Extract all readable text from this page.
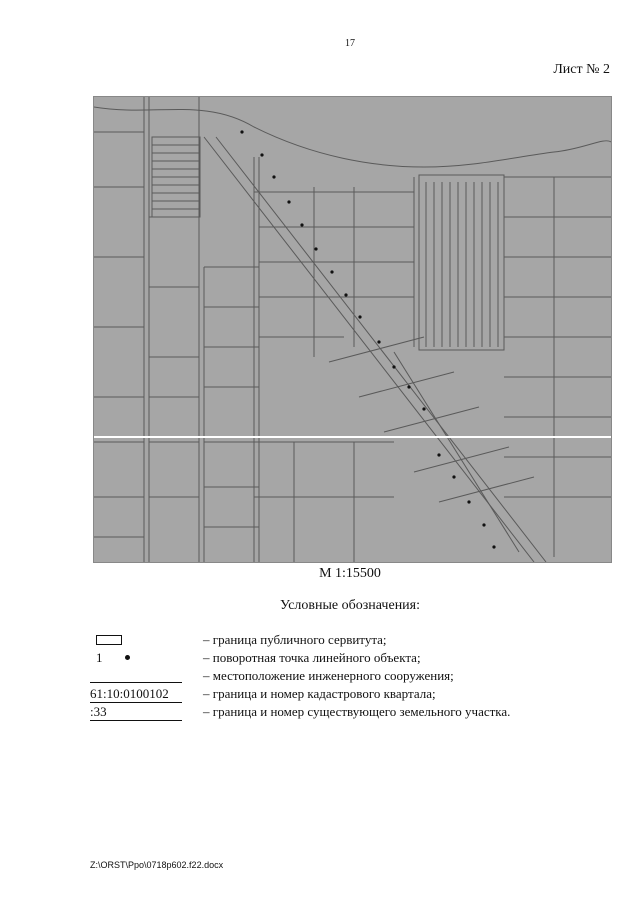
17
Лист № 2
М 1:15500
Условные обозначения:
– граница публичного сервитута;
1	– поворотная точка линейного объекта;
– местоположение инженерного сооружения;
61:10:0100102	– граница и номер кадастрового квартала;
:33	– граница и номер существующего земельного участка.
Z:\ORST\Ppo\0718p602.f22.docx
